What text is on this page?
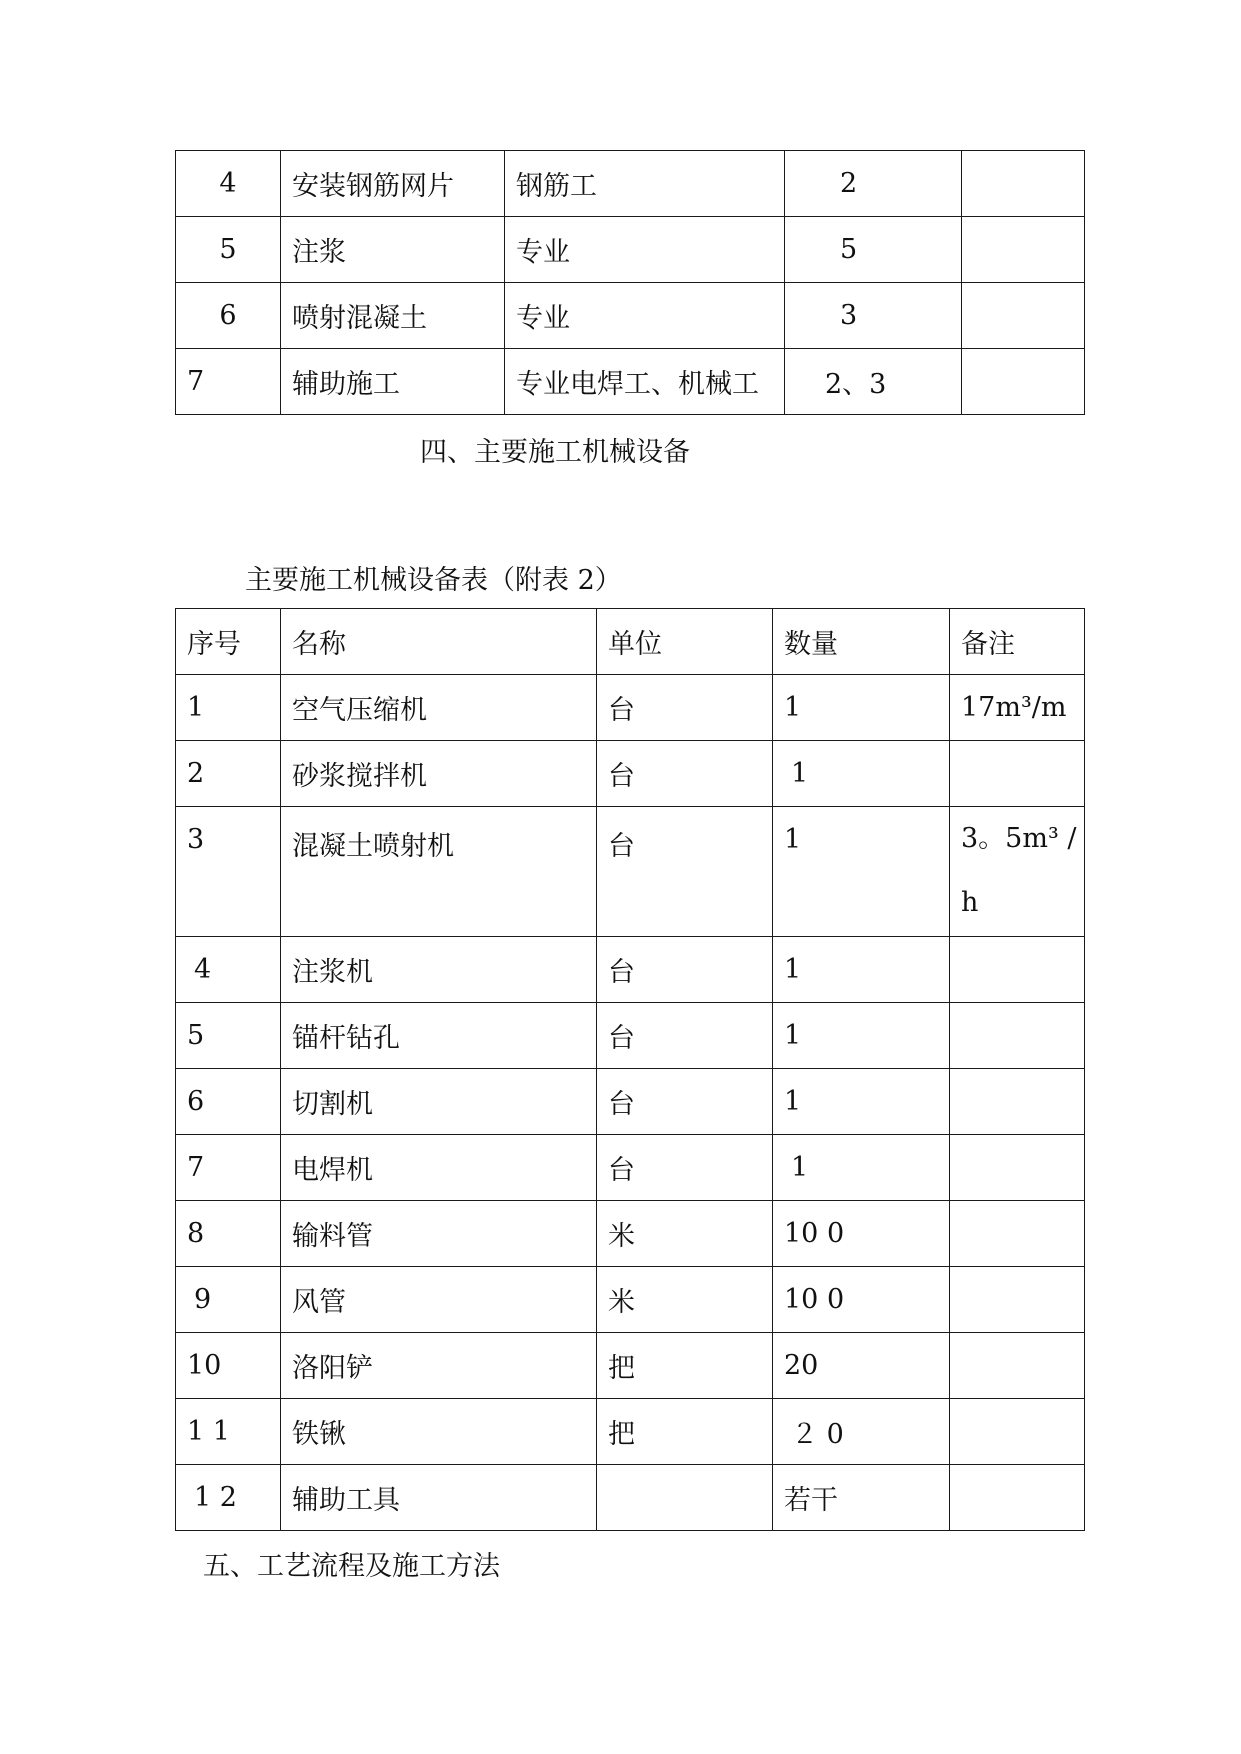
4	安装钢筋网片	钢筋工	2	
5	注浆	专业	5	
6	喷射混凝土	专业	3	
7	辅助施工	专业电焊工、机械工	2、3	

四、主要施工机械设备

主要施工机械设备表（附表 2）

序号	名称	单位	数量	备注
1	空气压缩机	台	1	17m³/m
2	砂浆搅拌机	台	1	
3	混凝土喷射机	台	1	3。5m³ / h
4	注浆机	台	1	
5	锚杆钻孔	台	1	
6	切割机	台	1	
7	电焊机	台	1	
8	输料管	米	10 0	
9	风管	米	10 0	
10	洛阳铲	把	20	
1 1	铁锹	把	２ 0	
1 2	辅助工具		若干	

五、工艺流程及施工方法
